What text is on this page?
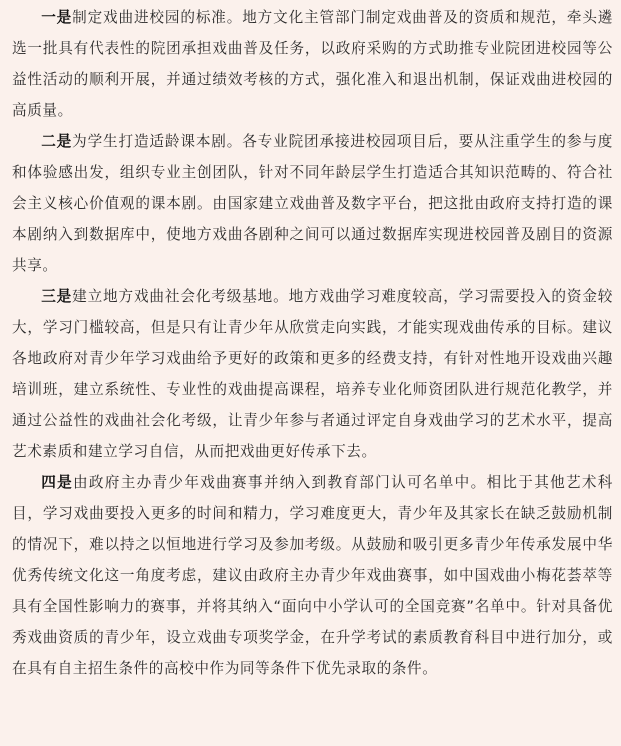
一是制定戏曲进校园的标准。地方文化主管部门制定戏曲普及的资质和规范，牵头遴选一批具有代表性的院团承担戏曲普及任务，以政府采购的方式助推专业院团进校园等公益性活动的顺利开展，并通过绩效考核的方式，强化准入和退出机制，保证戏曲进校园的高质量。

二是为学生打造适龄课本剧。各专业院团承接进校园项目后，要从注重学生的参与度和体验感出发，组织专业主创团队，针对不同年龄层学生打造适合其知识范畴的、符合社会主义核心价值观的课本剧。由国家建立戏曲普及数字平台，把这批由政府支持打造的课本剧纳入到数据库中，使地方戏曲各剧种之间可以通过数据库实现进校园普及剧目的资源共享。

三是建立地方戏曲社会化考级基地。地方戏曲学习难度较高，学习需要投入的资金较大，学习门槛较高，但是只有让青少年从欣赏走向实践，才能实现戏曲传承的目标。建议各地政府对青少年学习戏曲给予更好的政策和更多的经费支持，有针对性地开设戏曲兴趣培训班，建立系统性、专业性的戏曲提高课程，培养专业化师资团队进行规范化教学，并通过公益性的戏曲社会化考级，让青少年参与者通过评定自身戏曲学习的艺术水平，提高艺术素质和建立学习自信，从而把戏曲更好传承下去。

四是由政府主办青少年戏曲赛事并纳入到教育部门认可名单中。相比于其他艺术科目，学习戏曲要投入更多的时间和精力，学习难度更大，青少年及其家长在缺乏鼓励机制的情况下，难以持之以恒地进行学习及参加考级。从鼓励和吸引更多青少年传承发展中华优秀传统文化这一角度考虑，建议由政府主办青少年戏曲赛事，如中国戏曲小梅花荟萃等具有全国性影响力的赛事，并将其纳入“面向中小学认可的全国竞赛”名单中。针对具备优秀戏曲资质的青少年，设立戏曲专项奖学金，在升学考试的素质教育科目中进行加分，或在具有自主招生条件的高校中作为同等条件下优先录取的条件。
